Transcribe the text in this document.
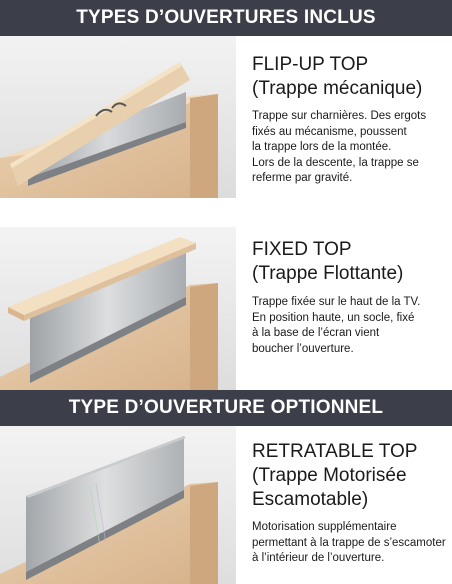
TYPES D’OUVERTURES INCLUS
FLIP-UP TOP
(Trappe mécanique)
Trappe sur charnières. Des ergots
fixés au mécanisme, poussent
la trappe lors de la montée.
Lors de la descente, la trappe se
referme par gravité.
FIXED TOP
(Trappe Flottante)
Trappe fixée sur le haut de la TV.
En position haute, un socle, fixé
à la base de l’écran vient
boucher l’ouverture.
TYPE D’OUVERTURE OPTIONNEL
RETRATABLE TOP
(Trappe Motorisée
Escamotable)
Motorisation supplémentaire
permettant à la trappe de s’escamoter
à l’intérieur de l’ouverture.
